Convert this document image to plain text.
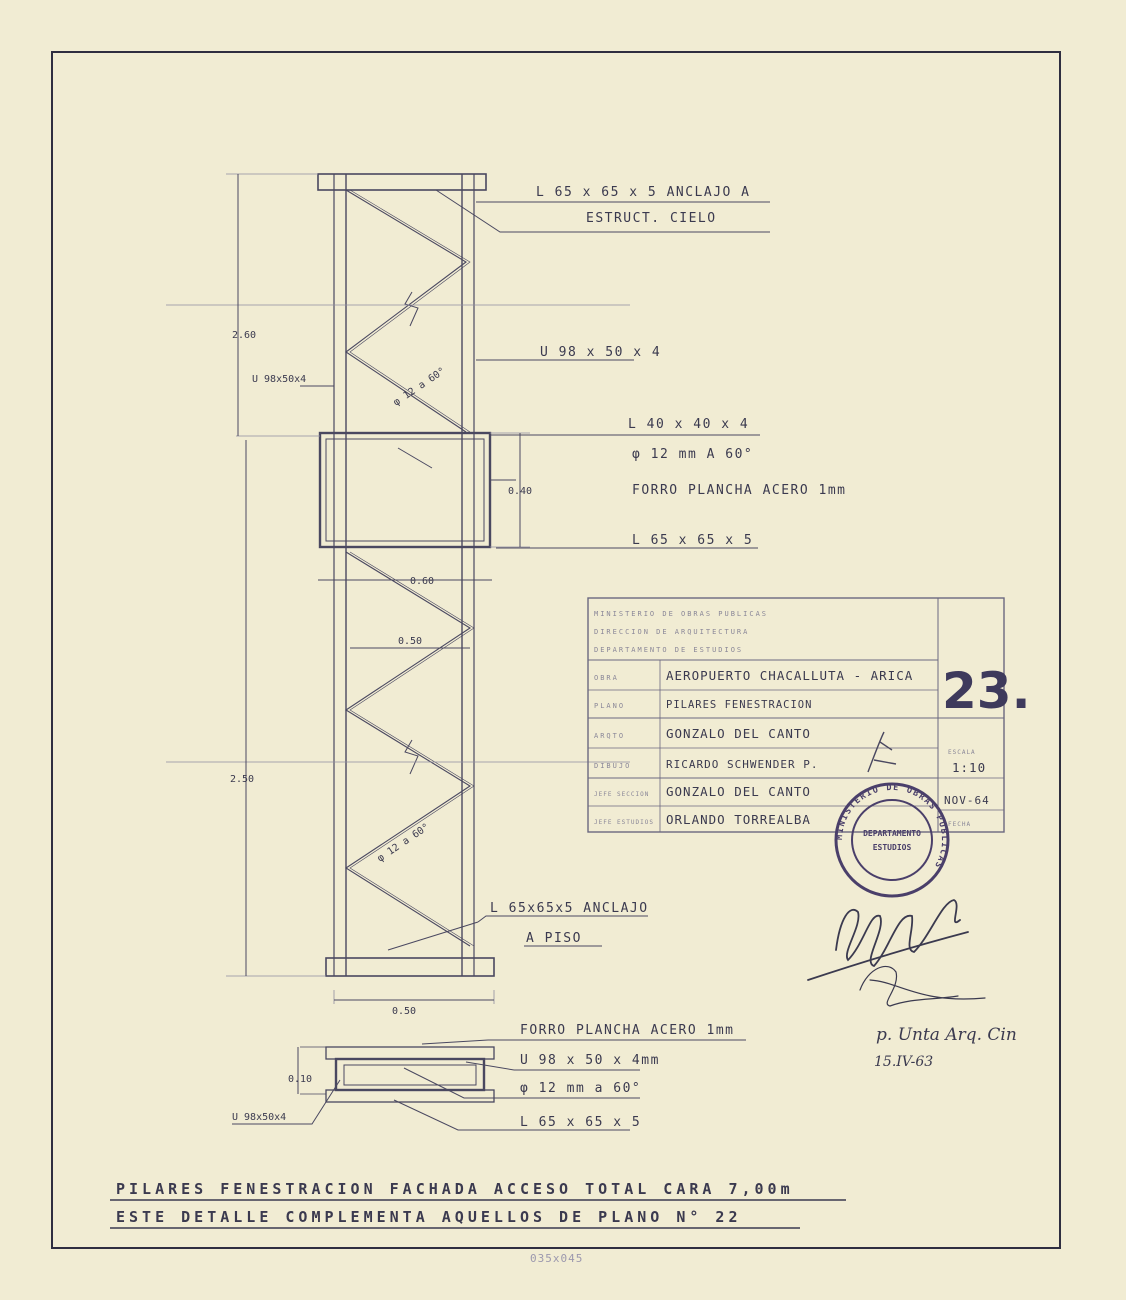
L 65 x 65 x 5 ANCLAJO A
ESTRUCT. CIELO
U 98 x 50 x 4
U 98x50x4	φ 12 a 60°
L 40 x 40 x 4
φ 12 mm A 60°
FORRO PLANCHA ACERO 1mm
L 65 x 65 x 5
φ 12 a 60°
L 65x65x5 ANCLAJO
A PISO
2.60
0.40
0.60
0.50
2.50
0.50
FORRO PLANCHA ACERO 1mm
U 98 x 50 x 4mm
φ 12 mm a 60°
L 65 x 65 x 5
U 98x50x4
0.10
MINISTERIO DE OBRAS PUBLICAS
DIRECCION DE ARQUITECTURA
DEPARTAMENTO DE ESTUDIOS
23.
OBRA	AEROPUERTO CHACALLUTA - ARICA
PLANO	PILARES FENESTRACION
ARQTO	GONZALO DEL CANTO
DIBUJO	RICARDO SCHWENDER P.
JEFE SECCION GONZALO DEL CANTO
JEFE ESTUDIOS ORLANDO TORREALBA
ESCALA
1:10
NOV-64
FECHA
MINISTERIO DE OBRAS PUBLICAS
DEPARTAMENTO
ESTUDIOS
p. Unta Arq. Cin
15.IV-63
PILARES FENESTRACION FACHADA ACCESO TOTAL CARA 7,00m
ESTE DETALLE COMPLEMENTA AQUELLOS DE PLANO N° 22
035x045
